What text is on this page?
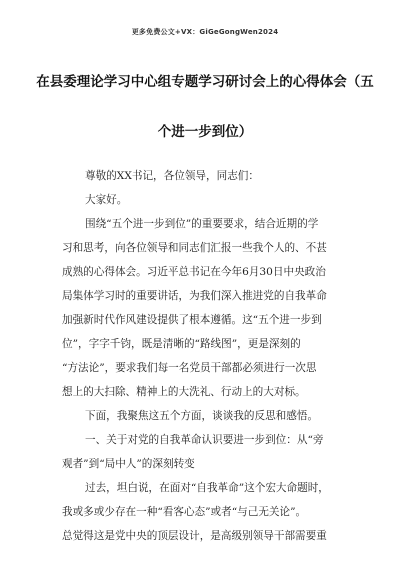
更多免费公文+VX：GiGeGongWen2024
在县委理论学习中心组专题学习研讨会上的心得体会（五
个进一步到位）

尊敬的XX书记，各位领导，同志们：

大家好。

围绕“五个进一步到位”的重要要求，结合近期的学

习和思考，向各位领导和同志们汇报一些我个人的、不甚

成熟的心得体会。习近平总书记在今年6月30日中央政治

局集体学习时的重要讲话，为我们深入推进党的自我革命

加强新时代作风建设提供了根本遵循。这“五个进一步到

位”，字字千钧，既是清晰的“路线图”，更是深刻的

“方法论”，要求我们每一名党员干部都必须进行一次思

想上的大扫除、精神上的大洗礼、行动上的大对标。

下面，我聚焦这五个方面，谈谈我的反思和感悟。

一、关于对党的自我革命认识要进一步到位：从“旁

观者”到“局中人”的深刻转变

过去，坦白说，在面对“自我革命”这个宏大命题时，

我或多或少存在一种“看客心态”或者“与己无关论”。

总觉得这是党中央的顶层设计，是高级别领导干部需要重
